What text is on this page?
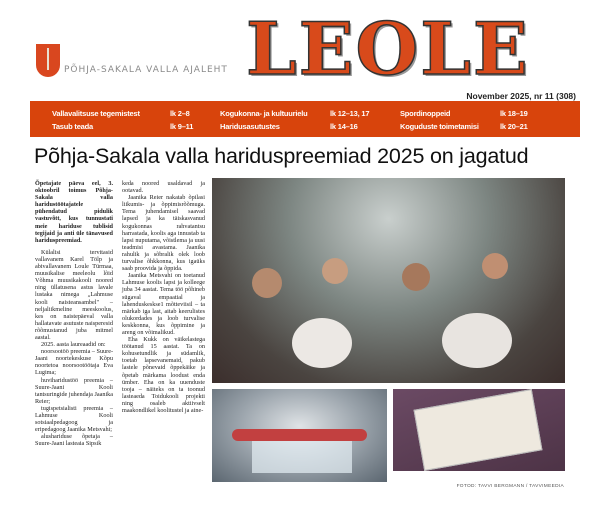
PÕHJA-SAKALA VALLA AJALEHT LEOLE
November 2025, nr 11 (308)
Vallavalitsuse tegemistest	lk 2–8
Tasub teada	lk 9–11
Kogukonna- ja kultuurielu	lk 12–13, 17
Haridusasutustes	lk 14–16
Spordinoppeid	lk 18–19
Koguduste toimetamisi	lk 20–21
Põhja-Sakala valla hariduspreemiad 2025 on jagatud

Õpetajate päeva eel, 3. oktoobril toimus Põhja-Sakala valla haridustöötajatele pühendatud pidulik vastuvõtt, kus tunnustati meie hariduse tublisid tegijaid ja anti üle tänavused hariduspreemiad.

Külalisi tervitasid vallavanem Karel Tölp ja abivallavanem Loule Türmaa, muusikalise meeleolu lõid Võhma muusikakooli noored ning üllatusena astus lavale lustaka nimega „Lahmuse kooli naisteansambel" – neljaliikmeline meeskoolus, kes on naistepäeval valla hallatavate asutuste naisperesid rõõmustanud juba mitmel aastal.

2025. aasta laureaadid on:

noorsootöö preemia – Suure-Jaani noortekeskuse Kõpu noortetoa noorsootöötaja Eva Lugima;

huviharidustöö preemia – Suure-Jaani Kooli tantsuringide juhendaja Jaanika Reier;

tugispetsialisti preemia – Lahmuse Kooli sotsiaalpedagoog ja eripedagoog Jaanika Metsvahi;

alushariduse õpetaja – Suure-Jaani lasteaia Sipsik

keda noored usaldavad ja ootavad.

Jaanika Reier nakatab õpilasi liikumis- ja õppimisrõõmuga. Tema juhendamisel saavad lapsed ja ka täiskasvanud kogukonnas rahvatantsu harrastada, koolis aga innustab ta lapsi nuputama, võistlema ja uusi teadmisi avastama. Jaanika rahulik ja sõbralik olek loob turvalise õhkkonna, kus igaüks saab proovida ja õppida.

Jaanika Metsvahi on toetanud Lahmuse koolis lapsi ja kolleege juba 34 aastat. Tema töö põhineb sügaval empaatial ja lahenduskeskse1 mõtteviisil – ta märkab iga last, aitab keerulistes olukordades ja loob turvalise keskkonna, kus õppimine ja areng on võimalikud.

Eha Kukk on väikelastega töötanud 15 aastat. Ta on kohusetundlik ja südamlik, toetab lapsevanemaid, pakub lastele põnevaid õppekäike ja õpetab märkama loodust enda ümber. Eha on ka uuenduste tooja – näiteks on ta toonud lasteaeda Toidukooli projekti ning osaleb aktiivselt maakondlikel koolitustel ja aine-

FOTOD: TAVVI BERGMANN / TAVVIMEEDIA
